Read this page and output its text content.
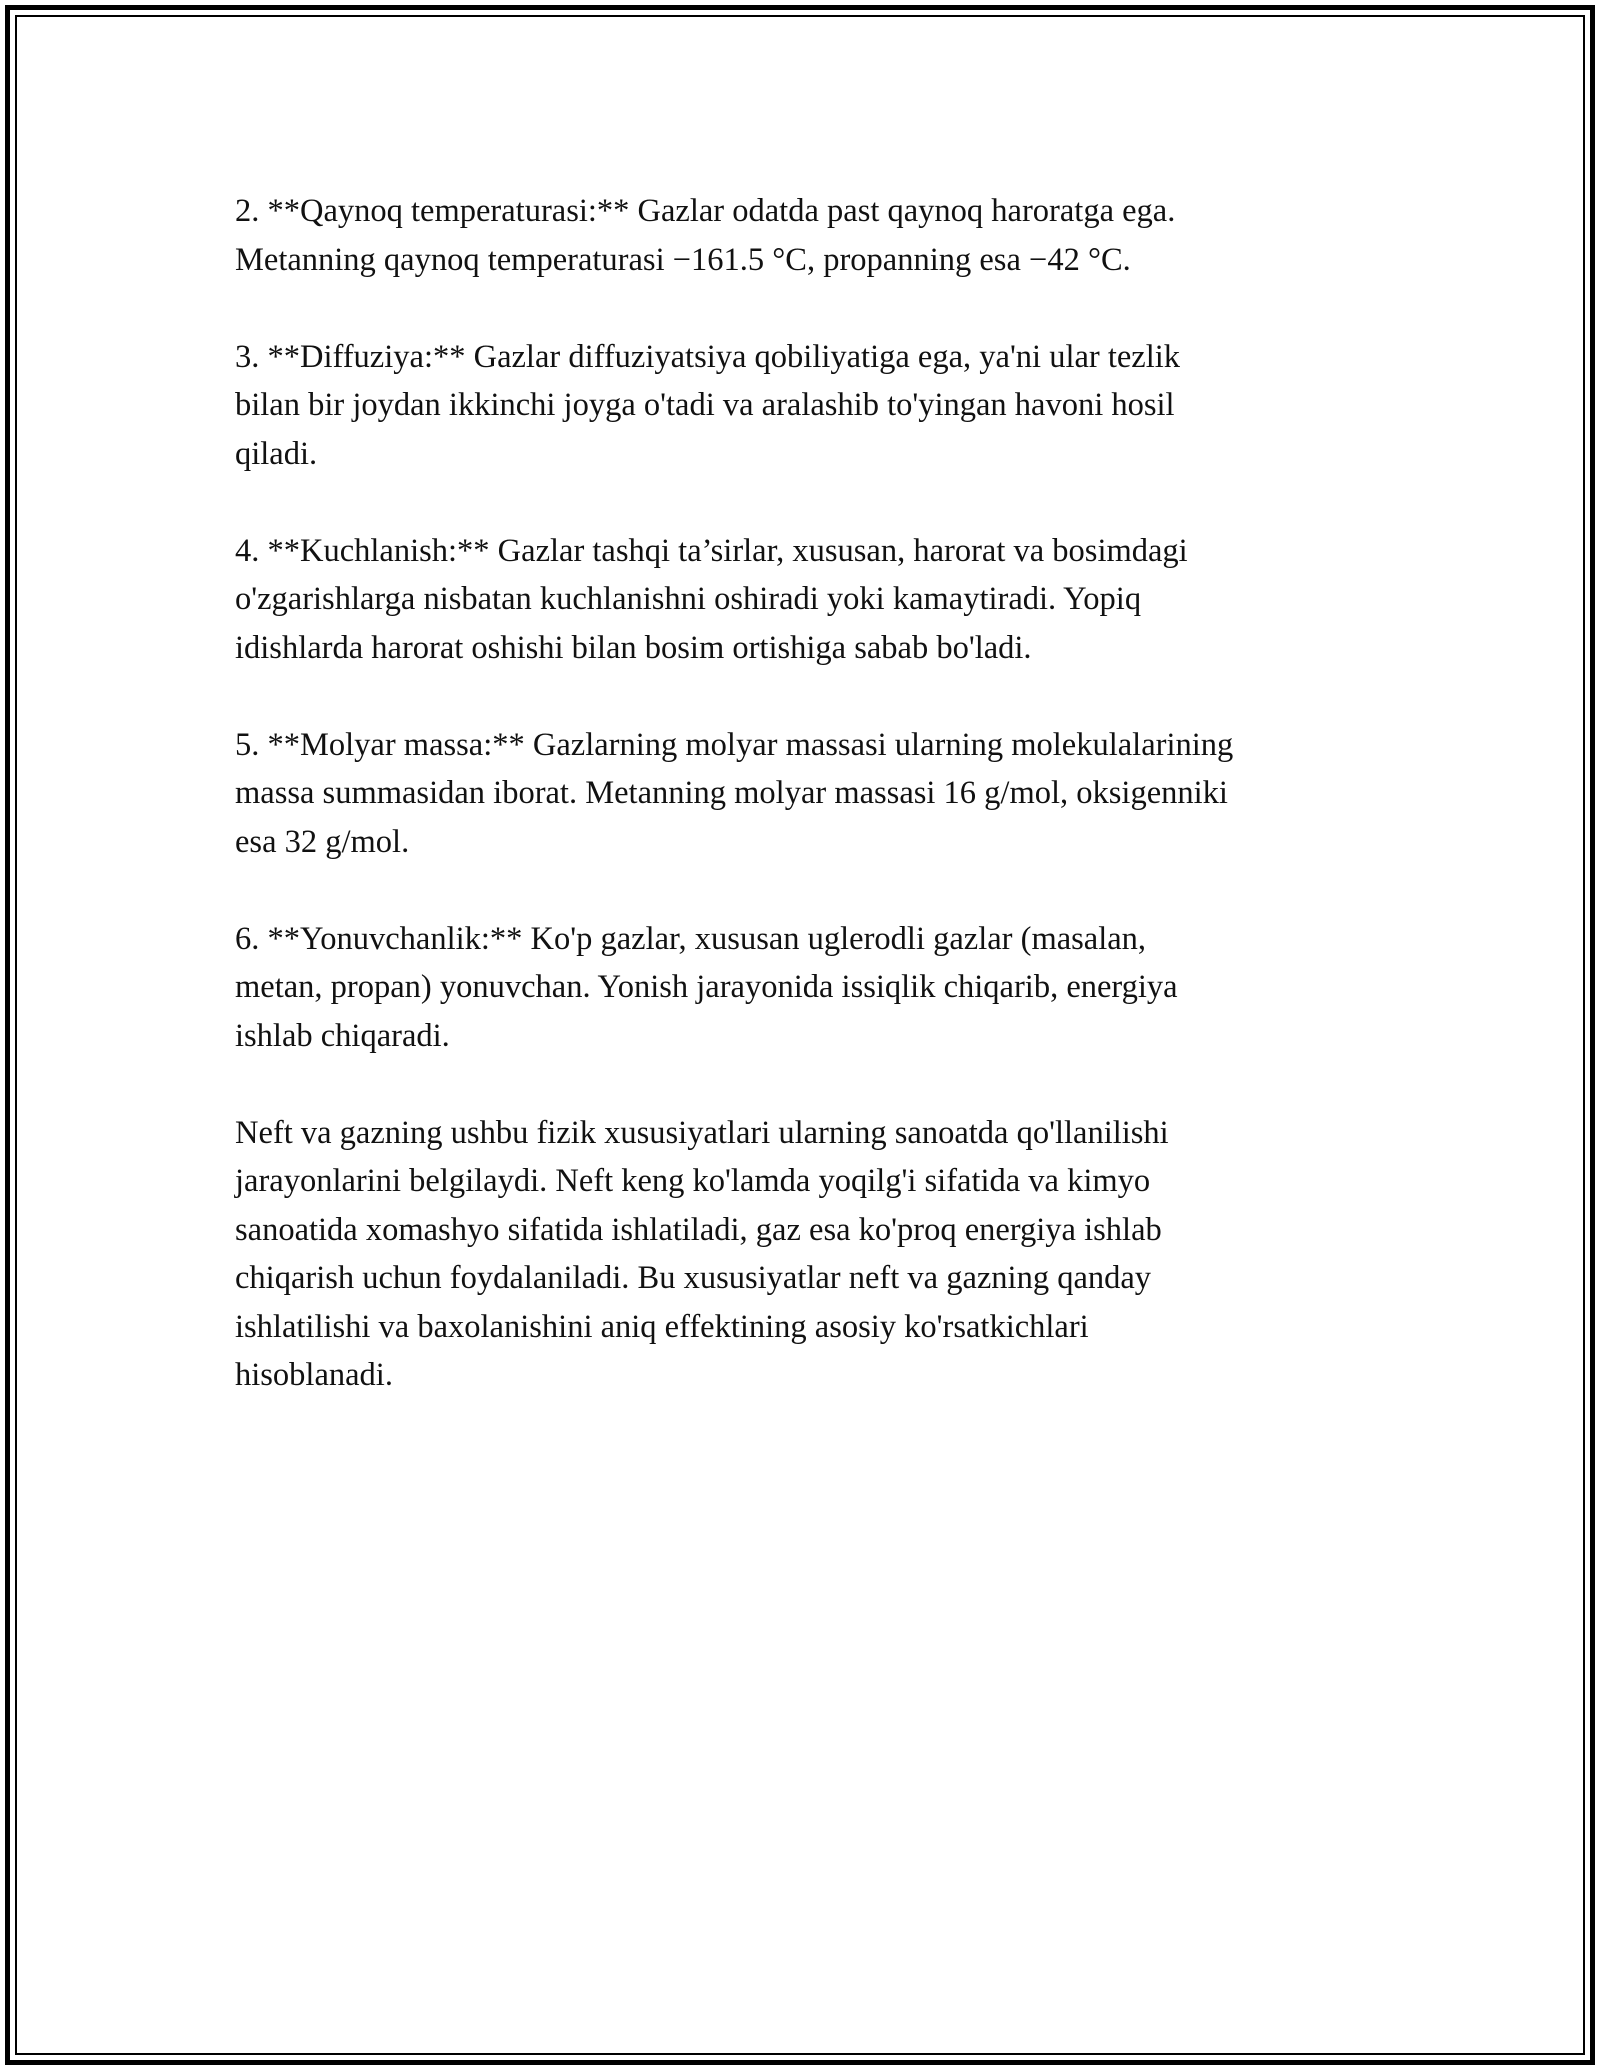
2. **Qaynoq temperaturasi:** Gazlar odatda past qaynoq haroratga ega.
Metanning qaynoq temperaturasi −161.5 °C, propanning esa −42 °C.

3. **Diffuziya:** Gazlar diffuziyatsiya qobiliyatiga ega, ya'ni ular tezlik
bilan bir joydan ikkinchi joyga o'tadi va aralashib to'yingan havoni hosil
qiladi.

4. **Kuchlanish:** Gazlar tashqi ta’sirlar, xususan, harorat va bosimdagi
o'zgarishlarga nisbatan kuchlanishni oshiradi yoki kamaytiradi. Yopiq
idishlarda harorat oshishi bilan bosim ortishiga sabab bo'ladi.

5. **Molyar massa:** Gazlarning molyar massasi ularning molekulalarining
massa summasidan iborat. Metanning molyar massasi 16 g/mol, oksigenniki
esa 32 g/mol.

6. **Yonuvchanlik:** Ko'p gazlar, xususan uglerodli gazlar (masalan,
metan, propan) yonuvchan. Yonish jarayonida issiqlik chiqarib, energiya
ishlab chiqaradi.

Neft va gazning ushbu fizik xususiyatlari ularning sanoatda qo'llanilishi
jarayonlarini belgilaydi. Neft keng ko'lamda yoqilg'i sifatida va kimyo
sanoatida xomashyo sifatida ishlatiladi, gaz esa ko'proq energiya ishlab
chiqarish uchun foydalaniladi. Bu xususiyatlar neft va gazning qanday
ishlatilishi va baxolanishini aniq effektining asosiy ko'rsatkichlari
hisoblanadi.
